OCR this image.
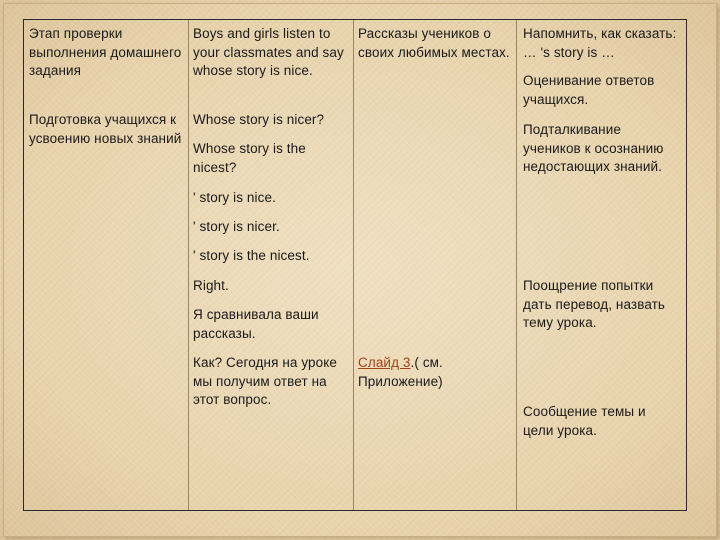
Этап проверки
выполнения домашнего
задания
Подготовка учащихся к
усвоению новых знаний
Boys and girls listen to
your classmates and say
whose story is nice.
Whose story is nicer?
Whose story is the
nicest?
' story is nice.
' story is nicer.
' story is the nicest.
Right.
Я сравнивала ваши
рассказы.
Как? Сегодня на уроке
мы получим ответ на
этот вопрос.
Рассказы учеников о
своих любимых местах.
Слайд 3.( см.
Приложение)
Напомнить, как сказать:
… 's story is …
Оценивание ответов
учащихся.
Подталкивание
учеников к осознанию
недостающих знаний.
Поощрение попытки
дать перевод, назвать
тему урока.
Сообщение темы и
цели урока.
